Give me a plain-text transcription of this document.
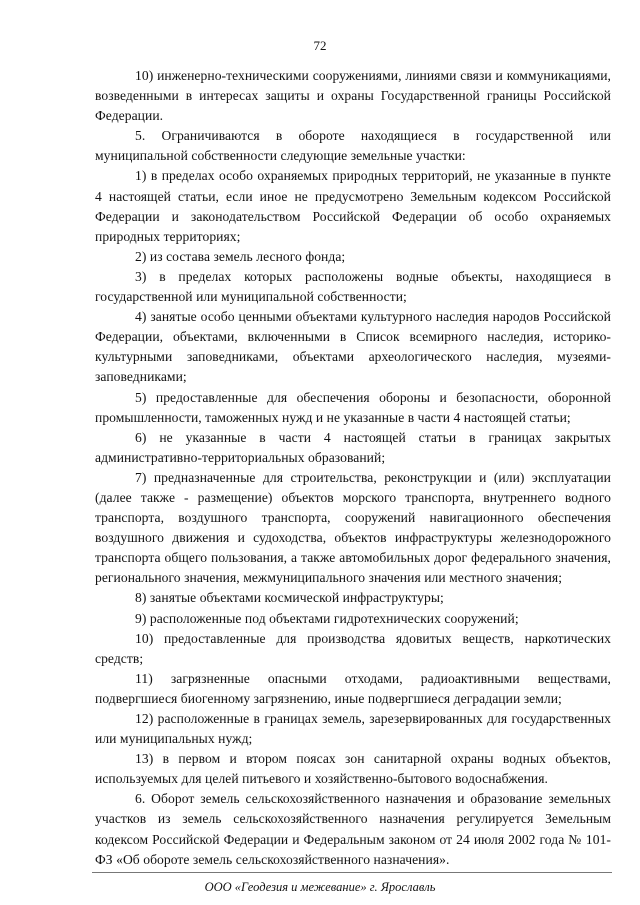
72

10) инженерно-техническими сооружениями, линиями связи и коммуникациями, возведенными в интересах защиты и охраны Государственной границы Российской Федерации.

5. Ограничиваются в обороте находящиеся в государственной или муниципальной собственности следующие земельные участки:

1) в пределах особо охраняемых природных территорий, не указанные в пункте 4 настоящей статьи, если иное не предусмотрено Земельным кодексом Российской Федерации и законодательством Российской Федерации об особо охраняемых природных территориях;

2) из состава земель лесного фонда;

3) в пределах которых расположены водные объекты, находящиеся в государственной или муниципальной собственности;

4) занятые особо ценными объектами культурного наследия народов Российской Федерации, объектами, включенными в Список всемирного наследия, историко-культурными заповедниками, объектами археологического наследия, музеями-заповедниками;

5) предоставленные для обеспечения обороны и безопасности, оборонной промышленности, таможенных нужд и не указанные в части 4 настоящей статьи;

6) не указанные в части 4 настоящей статьи в границах закрытых административно-территориальных образований;

7) предназначенные для строительства, реконструкции и (или) эксплуатации (далее также - размещение) объектов морского транспорта, внутреннего водного транспорта, воздушного транспорта, сооружений навигационного обеспечения воздушного движения и судоходства, объектов инфраструктуры железнодорожного транспорта общего пользования, а также автомобильных дорог федерального значения, регионального значения, межмуниципального значения или местного значения;

8) занятые объектами космической инфраструктуры;

9) расположенные под объектами гидротехнических сооружений;

10) предоставленные для производства ядовитых веществ, наркотических средств;

11) загрязненные опасными отходами, радиоактивными веществами, подвергшиеся биогенному загрязнению, иные подвергшиеся деградации земли;

12) расположенные в границах земель, зарезервированных для государственных или муниципальных нужд;

13) в первом и втором поясах зон санитарной охраны водных объектов, используемых для целей питьевого и хозяйственно-бытового водоснабжения.

6. Оборот земель сельскохозяйственного назначения и образование земельных участков из земель сельскохозяйственного назначения регулируется Земельным кодексом Российской Федерации и Федеральным законом от 24 июля 2002 года № 101-ФЗ «Об обороте земель сельскохозяйственного назначения».

ООО «Геодезия и межевание» г. Ярославль
